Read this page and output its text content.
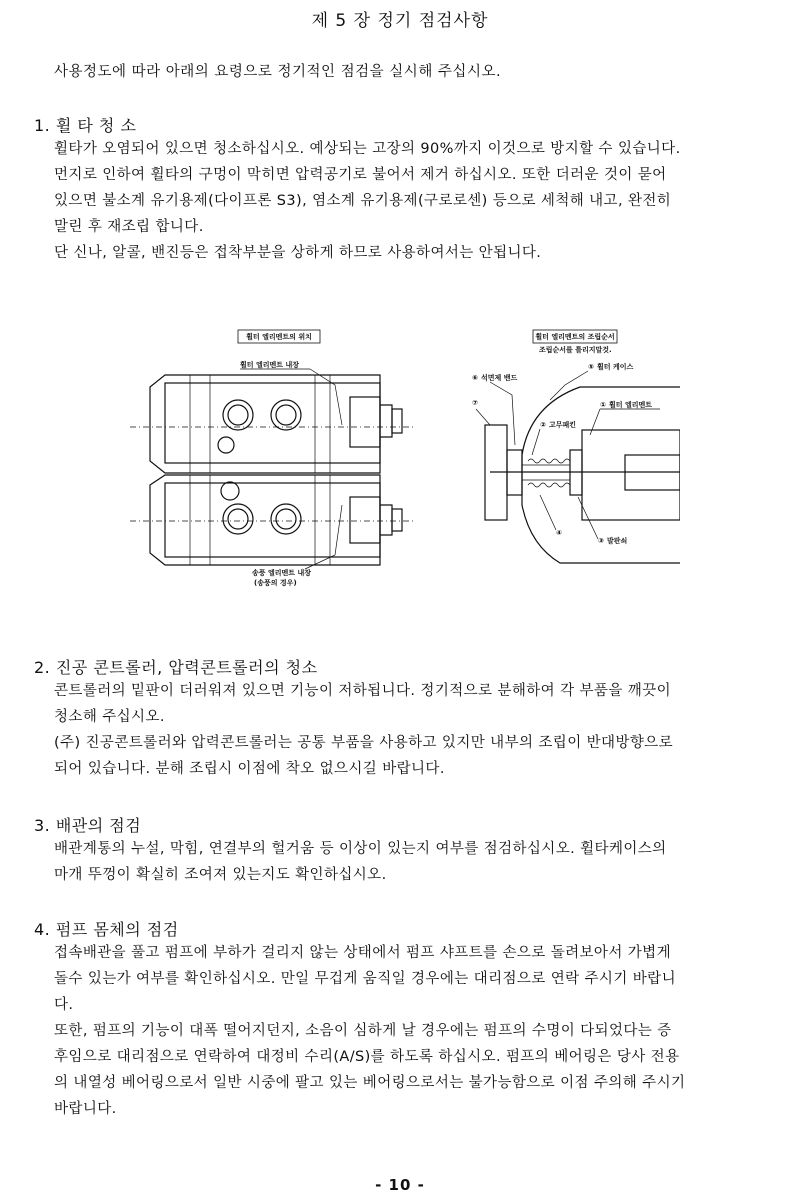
제 5 장 정기 점검사항
사용정도에 따라 아래의 요령으로 정기적인 점검을 실시해 주십시오.
1. 휠 타 청 소

휠타가 오염되어 있으면 청소하십시오. 예상되는 고장의 90%까지 이것으로 방지할 수 있습니다.

먼지로 인하여 휠타의 구멍이 막히면 압력공기로 불어서 제거 하십시오. 또한 더러운 것이 묻어

있으면 불소계 유기용제(다이프론 S3), 염소계 유기용제(구로로센) 등으로 세척해 내고, 완전히

말린 후 재조립 합니다.

단 신나, 알콜, 밴진등은 접착부분을 상하게 하므로 사용하여서는 안됩니다.

휠터 엘리멘트의 위치
휠터 엘리멘트 내장
송풍 엘리멘트 내장
(송풍의 경우)
휠터 엘리멘트의 조립순서
조립순서를 틀리지말것.
⑥ 석면제 밴드
⑤ 휠터 케이스
① 휠터 엘리멘트
② 고무패킨
⑦
④
③ 발판쇠
2. 진공 콘트롤러, 압력콘트롤러의 청소

콘트롤러의 밑판이 더러워져 있으면 기능이 저하됩니다. 정기적으로 분해하여 각 부품을 깨끗이

청소해 주십시오.

(주) 진공콘트롤러와 압력콘트롤러는 공통 부품을 사용하고 있지만 내부의 조립이 반대방향으로

되어 있습니다. 분해 조립시 이점에 착오 없으시길 바랍니다.

3. 배관의 점검

배관계통의 누설, 막힘, 연결부의 헐거움 등 이상이 있는지 여부를 점검하십시오. 휠타케이스의

마개 뚜껑이 확실히 조여져 있는지도 확인하십시오.

4. 펌프 몸체의 점검

접속배관을 풀고 펌프에 부하가 걸리지 않는 상태에서 펌프 샤프트를 손으로 돌려보아서 가볍게

돌수 있는가 여부를 확인하십시오. 만일 무겁게 움직일 경우에는 대리점으로 연락 주시기 바랍니

다.

또한, 펌프의 기능이 대폭 떨어지던지, 소음이 심하게 날 경우에는 펌프의 수명이 다되었다는 증

후임으로 대리점으로 연락하여 대정비 수리(A/S)를 하도록 하십시오. 펌프의 베어링은 당사 전용

의 내열성 베어링으로서 일반 시중에 팔고 있는 베어링으로서는 불가능함으로 이점 주의해 주시기

바랍니다.

- 10 -
